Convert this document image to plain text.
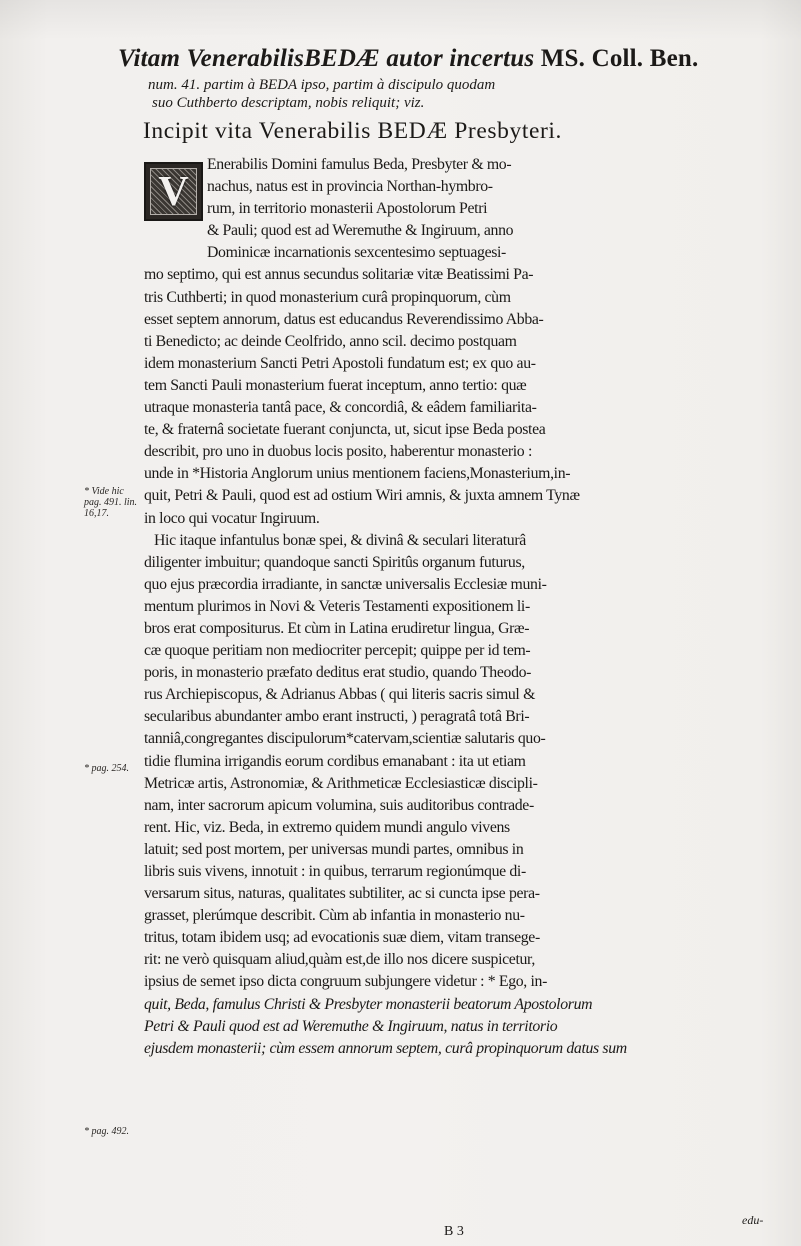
Vitam VenerabilisBEDÆ autor incertus MS. Coll. Ben.

num. 41. partim à BEDA ipso, partim à discipulo quodam

suo Cuthberto descriptam, nobis reliquit; viz.

Incipit vita Venerabilis BEDÆ Presbyteri.
V
Enerabilis Domini famulus Beda, Presbyter & mo-
nachus, natus est in provincia Northan-hymbro-
rum, in territorio monasterii Apostolorum Petri
& Pauli; quod est ad Weremuthe & Ingiruum, anno
Dominicæ incarnationis sexcentesimo septuagesi-
mo septimo, qui est annus secundus solitariæ vitæ Beatissimi Pa-
tris Cuthberti; in quod monasterium curâ propinquorum, cùm
esset septem annorum, datus est educandus Reverendissimo Abba-
ti Benedicto; ac deinde Ceolfrido, anno scil. decimo postquam
idem monasterium Sancti Petri Apostoli fundatum est; ex quo au-
tem Sancti Pauli monasterium fuerat inceptum, anno tertio: quæ
utraque monasteria tantâ pace, & concordiâ, & eâdem familiarita-
te, & fraternâ societate fuerant conjuncta, ut, sicut ipse Beda postea
describit, pro uno in duobus locis posito, haberentur monasterio :
unde in *Historia Anglorum unius mentionem faciens,Monasterium,in-
quit, Petri & Pauli, quod est ad ostium Wiri amnis, & juxta amnem Tynæ
in loco qui vocatur Ingiruum.
Hic itaque infantulus bonæ spei, & divinâ & seculari literaturâ
diligenter imbuitur; quandoque sancti Spiritûs organum futurus,
quo ejus præcordia irradiante, in sanctæ universalis Ecclesiæ muni-
mentum plurimos in Novi & Veteris Testamenti expositionem li-
bros erat compositurus. Et cùm in Latina erudiretur lingua, Græ-
cæ quoque peritiam non mediocriter percepit; quippe per id tem-
poris, in monasterio præfato deditus erat studio, quando Theodo-
rus Archiepiscopus, & Adrianus Abbas ( qui literis sacris simul &
secularibus abundanter ambo erant instructi, ) peragratâ totâ Bri-
tanniâ,congregantes discipulorum*catervam,scientiæ salutaris quo-
tidie flumina irrigandis eorum cordibus emanabant : ita ut etiam
Metricæ artis, Astronomiæ, & Arithmeticæ Ecclesiasticæ discipli-
nam, inter sacrorum apicum volumina, suis auditoribus contrade-
rent. Hic, viz. Beda, in extremo quidem mundi angulo vivens
latuit; sed post mortem, per universas mundi partes, omnibus in
libris suis vivens, innotuit : in quibus, terrarum regionúmque di-
versarum situs, naturas, qualitates subtiliter, ac si cuncta ipse pera-
grasset, plerúmque describit. Cùm ab infantia in monasterio nu-
tritus, totam ibidem usq; ad evocationis suæ diem, vitam transege-
rit: ne verò quisquam aliud,quàm est,de illo nos dicere suspicetur,
ipsius de semet ipso dicta congruum subjungere videtur : * Ego, in-
quit, Beda, famulus Christi & Presbyter monasterii beatorum Apostolorum
Petri & Pauli quod est ad Weremuthe & Ingiruum, natus in territorio
ejusdem monasterii; cùm essem annorum septem, curâ propinquorum datus sum
* Vide hic
pag. 491. lin.
16,17.
* pag. 254.
* pag. 492.
B 3
edu-
